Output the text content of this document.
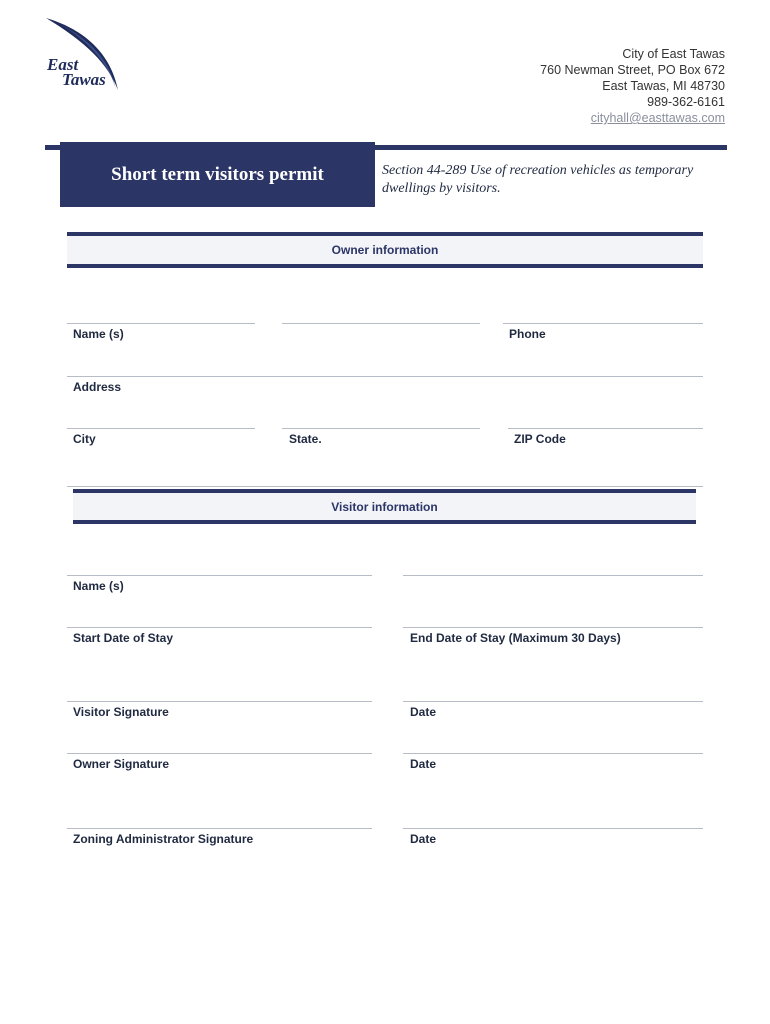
East
Tawas
City of East Tawas
760 Newman Street, PO Box 672
East Tawas, MI 48730
989-362-6161
cityhall@easttawas.com
Short term visitors permit	Section 44-289 Use of recreation vehicles as temporary dwellings by visitors.
Owner information
Name (s)	Phone
Address
City	State.	ZIP Code
Visitor information
Name (s)
Start Date of Stay	End Date of Stay (Maximum 30 Days)
Visitor Signature	Date
Owner Signature	Date
Zoning Administrator Signature	Date
